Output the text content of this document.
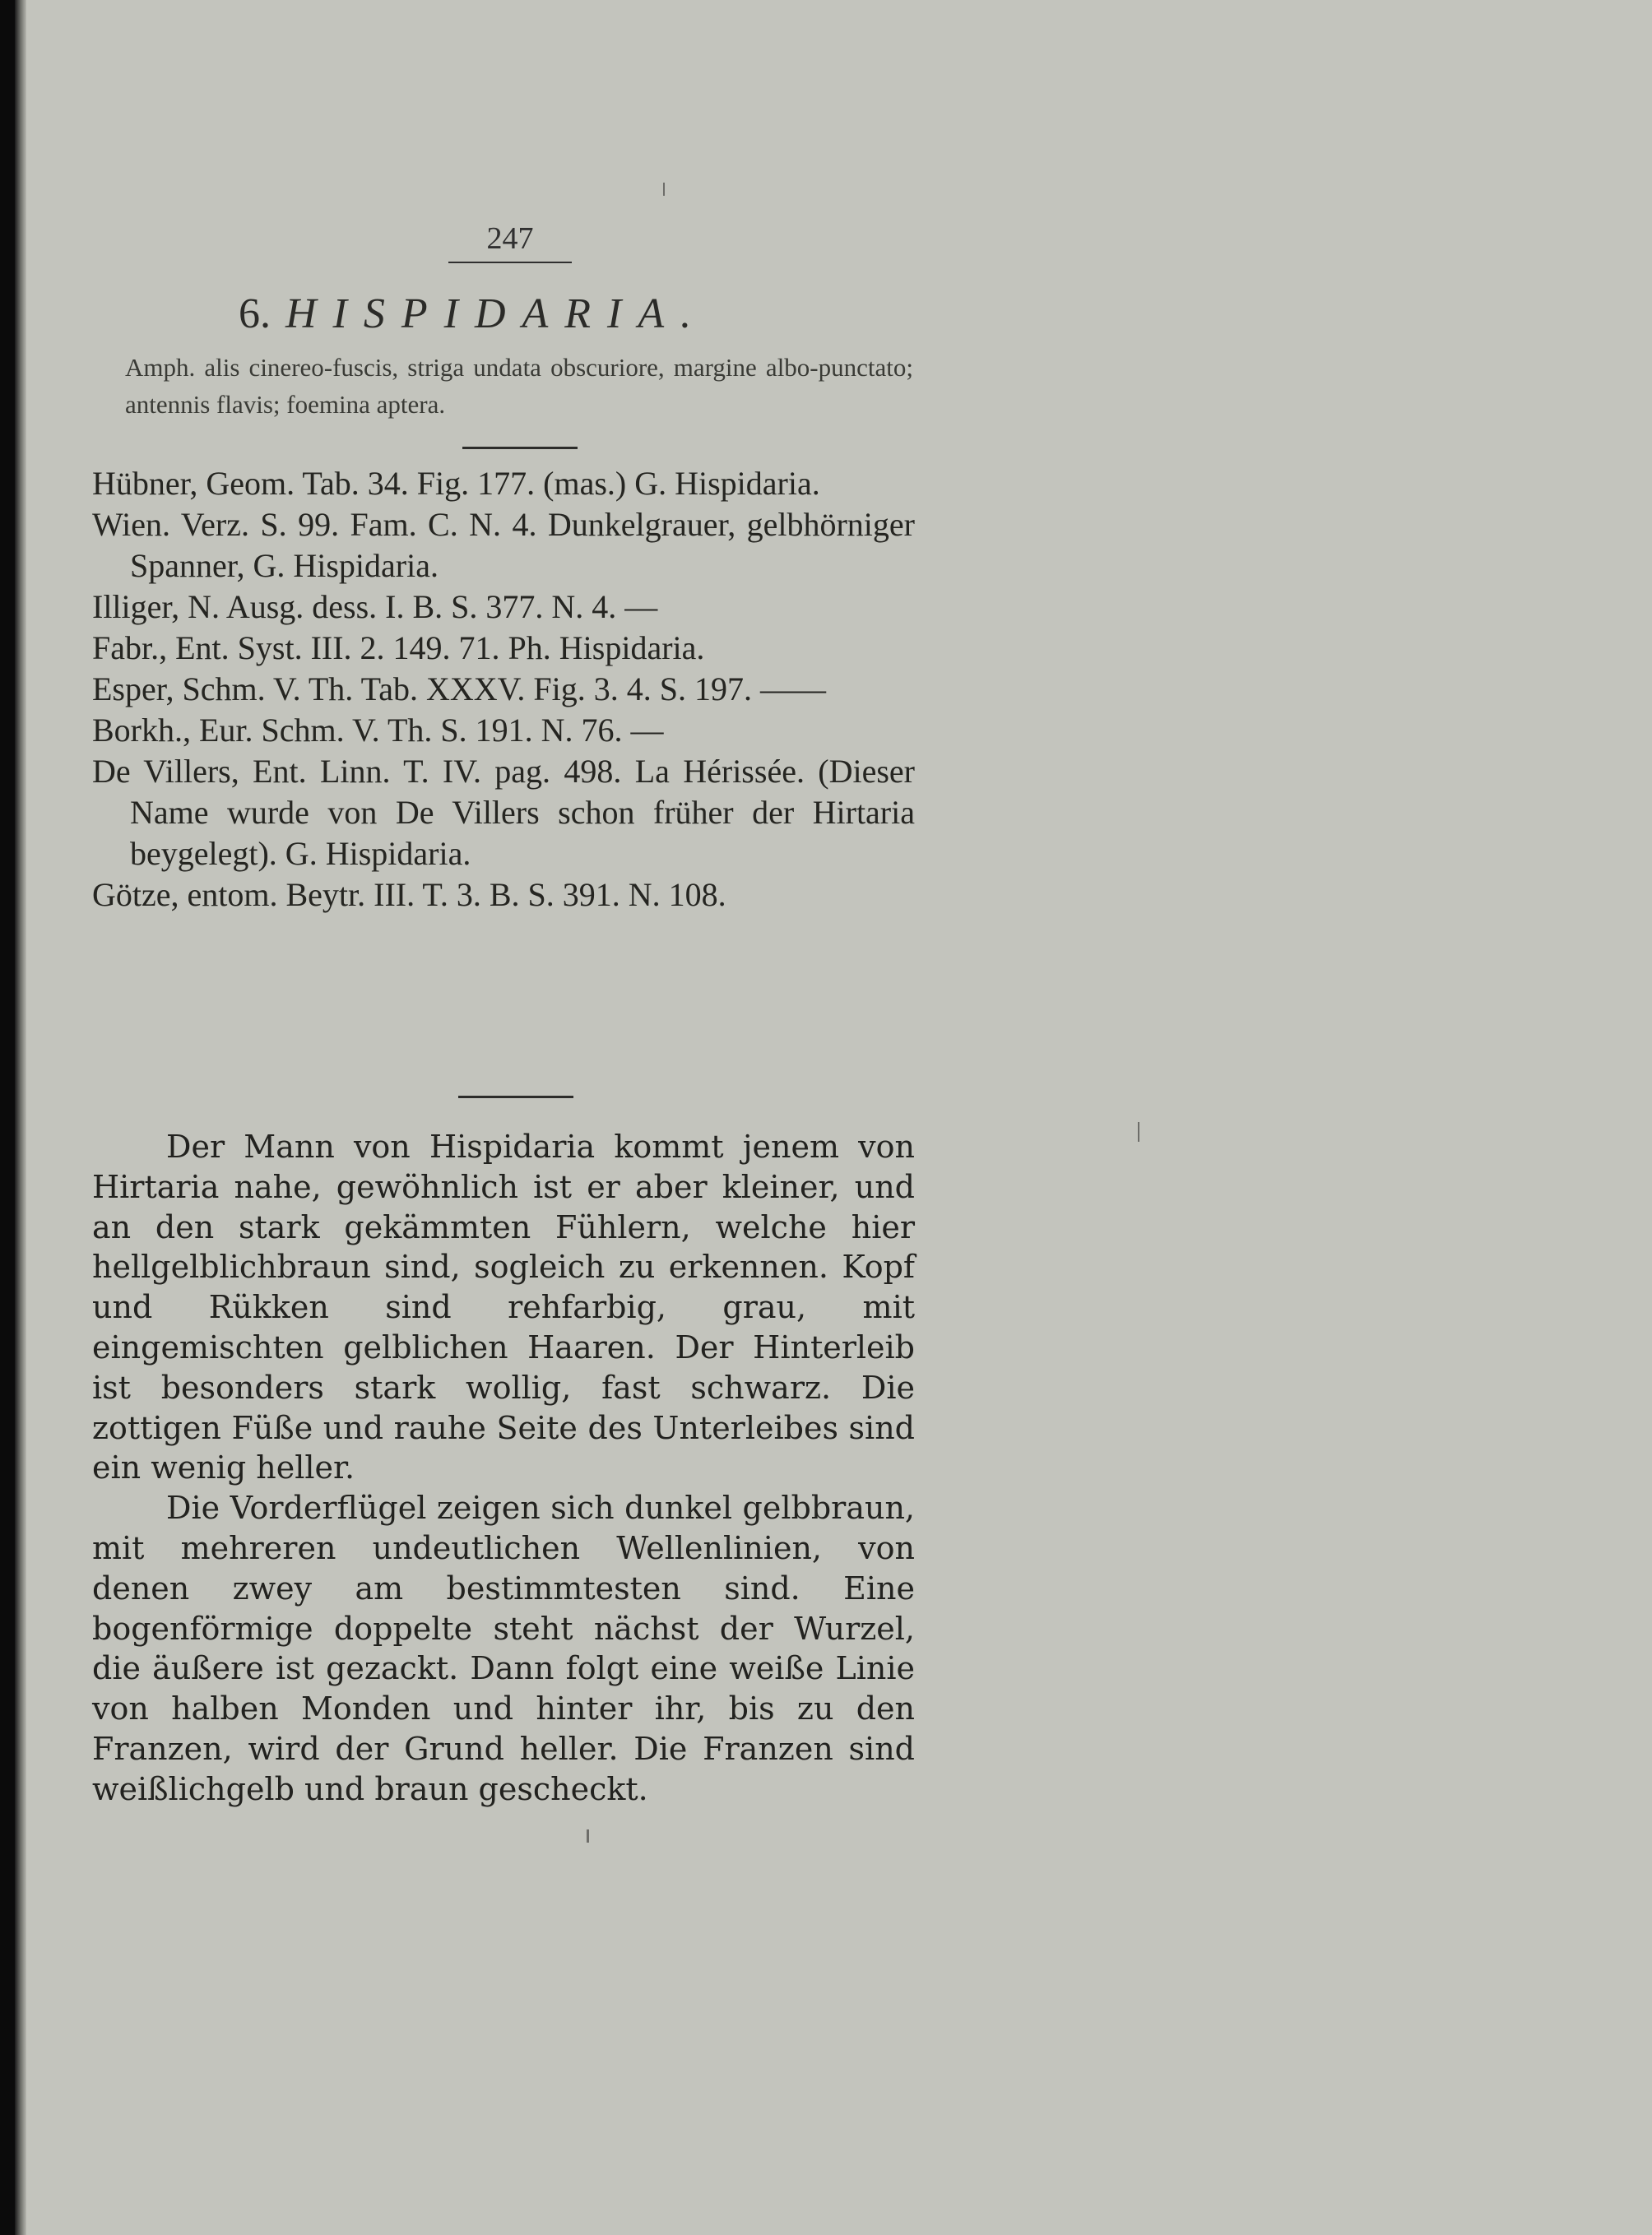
247
6. HISPIDARIA.
Amph. alis cinereo-fuscis, striga undata obscuriore, margine albo-punctato; antennis flavis; foemina aptera.

Hübner, Geom. Tab. 34. Fig. 177. (mas.) G. Hispidaria.

Wien. Verz. S. 99. Fam. C. N. 4. Dunkelgrauer, gelbhörniger Spanner, G. Hispidaria.

Illiger, N. Ausg. dess. I. B. S. 377. N. 4. —

Fabr., Ent. Syst. III. 2. 149. 71. Ph. Hispidaria.

Esper, Schm. V. Th. Tab. XXXV. Fig. 3. 4. S. 197. ——

Borkh., Eur. Schm. V. Th. S. 191. N. 76. —

De Villers, Ent. Linn. T. IV. pag. 498. La Hérissée. (Dieser Name wurde von De Villers schon früher der Hirtaria beygelegt). G. Hispidaria.

Götze, entom. Beytr. III. T. 3. B. S. 391. N. 108.

Der Mann von Hispidaria kommt jenem von Hirtaria nahe, gewöhnlich ist er aber kleiner, und an den stark gekämmten Fühlern, welche hier hellgelblichbraun sind, sogleich zu erkennen. Kopf und Rükken sind rehfarbig, grau, mit eingemischten gelblichen Haaren. Der Hinterleib ist besonders stark wollig, fast schwarz. Die zottigen Füße und rauhe Seite des Unterleibes sind ein wenig heller.

Die Vorderflügel zeigen sich dunkel gelbbraun, mit mehreren undeutlichen Wellenlinien, von denen zwey am bestimmtesten sind. Eine bogenförmige doppelte steht nächst der Wurzel, die äußere ist gezackt. Dann folgt eine weiße Linie von halben Monden und hinter ihr, bis zu den Franzen, wird der Grund heller. Die Franzen sind weißlichgelb und braun gescheckt.
